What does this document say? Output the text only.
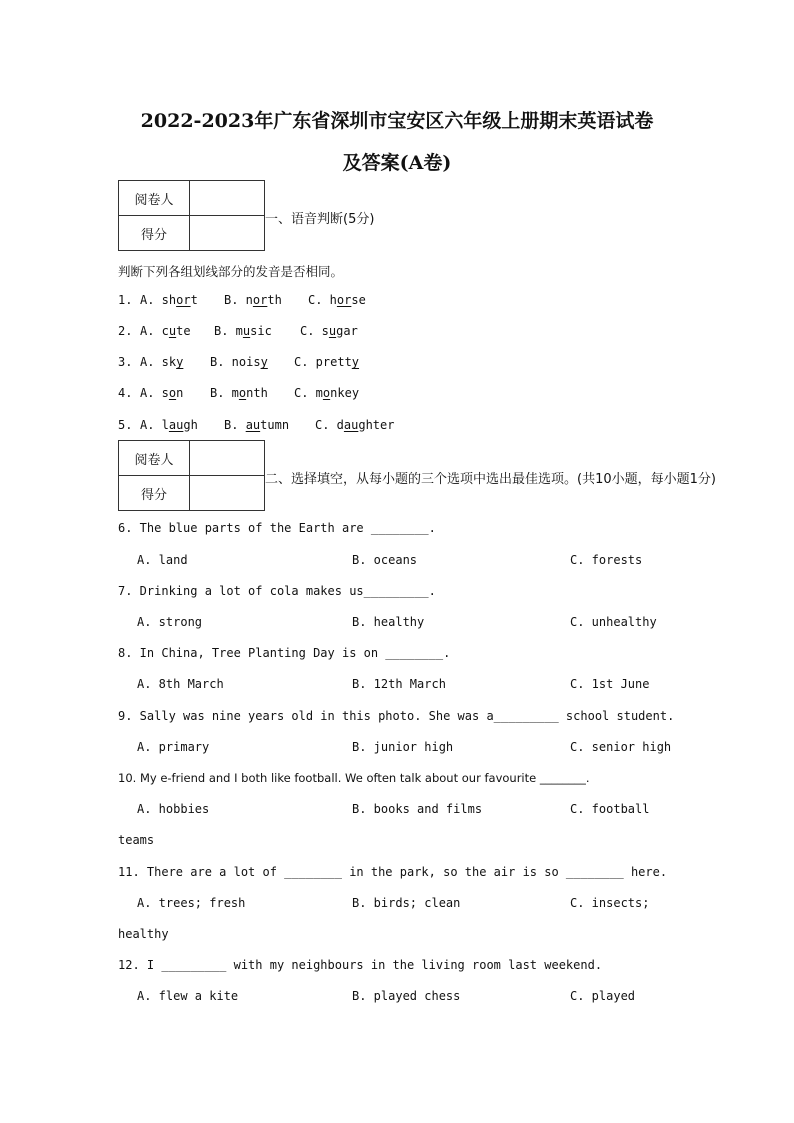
2022-2023年广东省深圳市宝安区六年级上册期末英语试卷
及答案(A卷)
阅卷人	
得分	
一、语音判断(5分)
判断下列各组划线部分的发音是否相同。
1. A. short B. north C. horse
2. A. cute B. music C. sugar
3. A. sky B. noisy C. pretty
4. A. son B. month C. monkey
5. A. laugh B. autumn C. daughter
阅卷人	
得分	
二、选择填空，从每小题的三个选项中选出最佳选项。(共10小题，每小题1分)
6. The blue parts of the Earth are ________.
A. land	B. oceans	C. forests
7. Drinking a lot of cola makes us_________.
A. strong	B. healthy	C. unhealthy
8. In China, Tree Planting Day is on ________.
A. 8th March	B. 12th March	C. 1st June
9. Sally was nine years old in this photo. She was a_________ school student.
A. primary	B. junior high	C. senior high
10. My e-friend and I both like football. We often talk about our favourite ________.
A. hobbies	B. books and films	C. football
teams
11. There are a lot of ________ in the park, so the air is so ________ here.
A. trees; fresh	B. birds; clean	C. insects;
healthy
12. I _________ with my neighbours in the living room last weekend.
A. flew a kite	B. played chess	C. played
